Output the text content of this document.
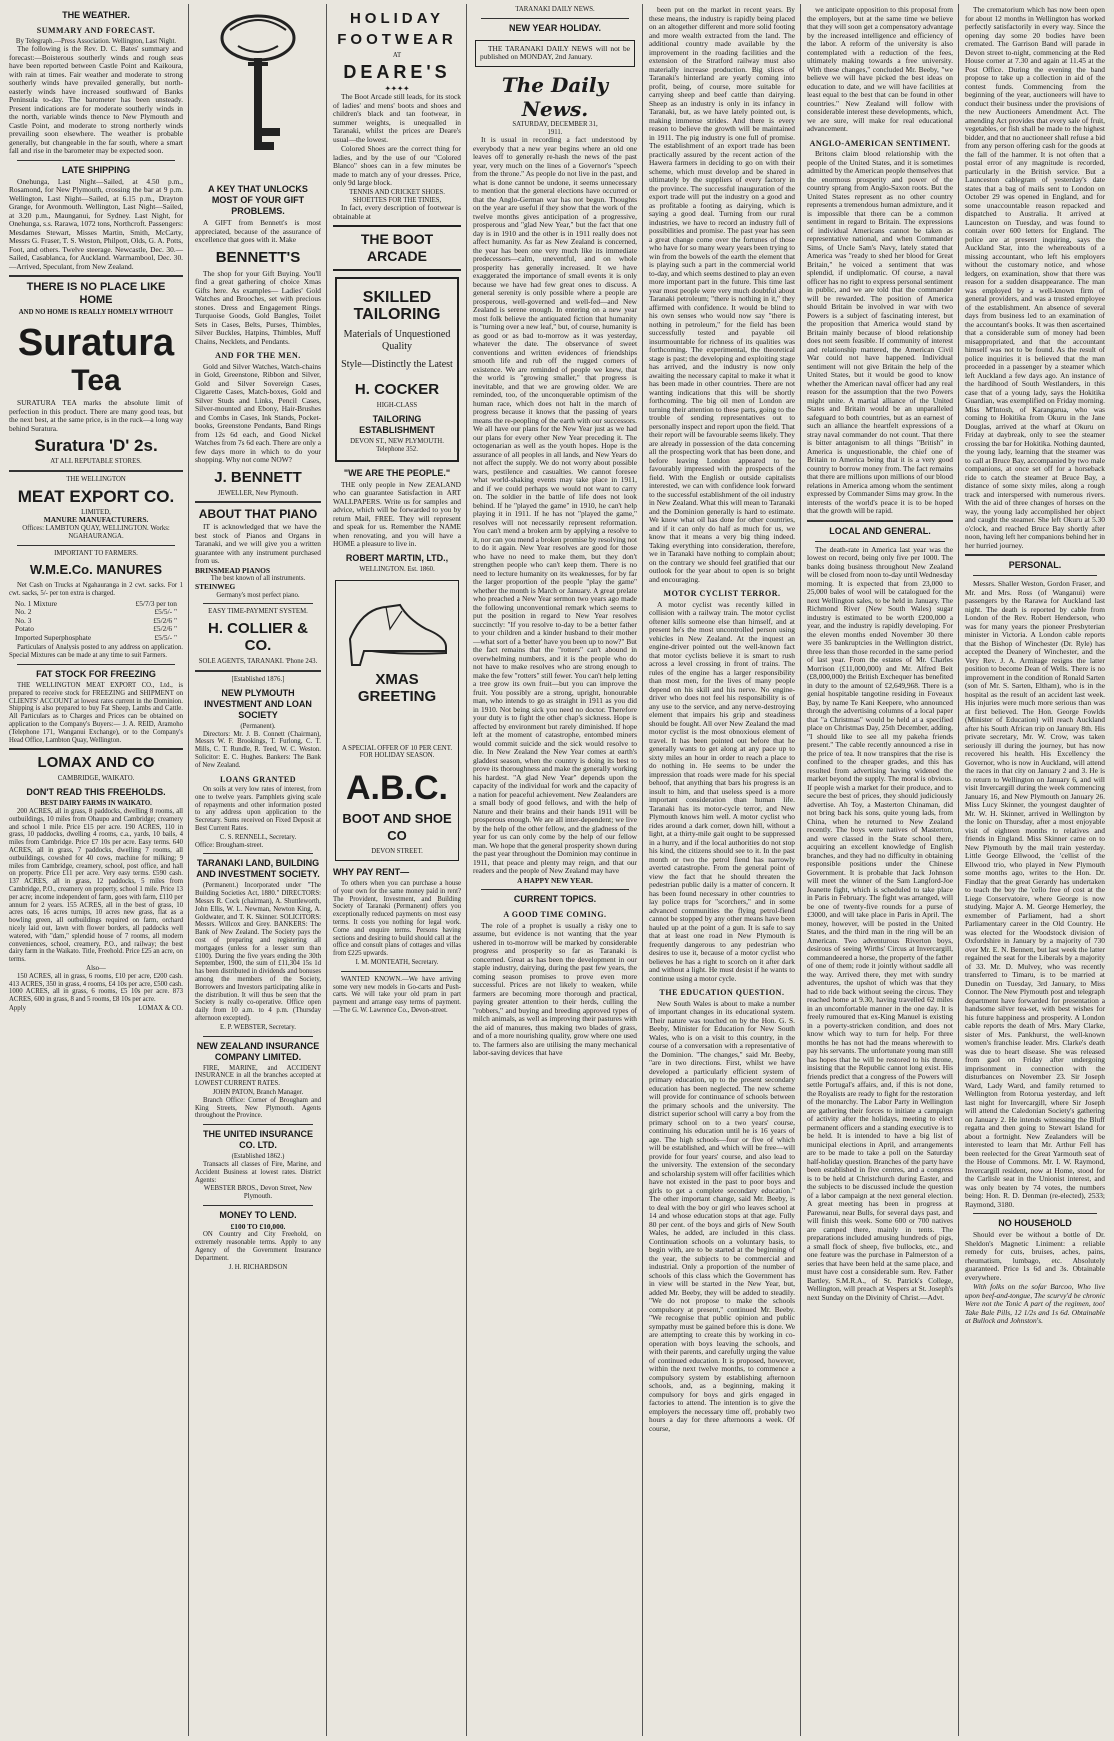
THE WEATHER.
SUMMARY AND FORECAST.
By Telegraph.—Press Association. Wellington, Last Night.
The following is the Rev. D. C. Bates' summary and forecast:—Boisterous southerly winds and rough seas have been reported between Castle Point and Kaikoura, with rain at times. Fair weather and moderate to strong southerly winds have prevailed generally, but north-easterly winds have increased southward of Banks Peninsula to-day. The barometer has been unsteady. Present indications are for moderate southerly winds in the north, variable winds thence to New Plymouth and Castle Point, and moderate to strong northerly winds prevailing soon elsewhere. The weather is probable generally, but changeable in the far south, where a smart fall and rise in the barometer may be expected soon.
LATE SHIPPING
Onehunga, Last Night—Sailed, at 4.50 p.m., Rosamond, for New Plymouth, crossing the bar at 9 p.m. Wellington, Last Night—Sailed, at 6.15 p.m., Drayton Grange, for Avonmouth. Wellington, Last Night—Sailed, at 3.20 p.m., Maunganui, for Sydney. Last Night, for Onehunga, s.s. Rarawa, 1072 tons, Northcroft. Passengers: Mesdames Stewart, Misses Martin, Smith, McCarty, Messrs G. Fraser, T. S. Weston, Philpott, Olds, G. A. Potts, Foot, and others. Twelve steerage. Newcastle, Dec. 30.—Sailed, Casablanca, for Auckland. Warrnambool, Dec. 30.—Arrived, Speculant, from New Zealand.
THERE IS NO PLACE LIKE HOME
AND NO HOME IS REALLY HOMELY WITHOUT
Suratura
Tea
SURATURA TEA marks the absolute limit of perfection in this product. There are many good teas, but the next best, at the same price, is in the ruck—a long way behind Suratura.
Suratura 'D' 2s.
AT ALL REPUTABLE STORES.
THE WELLINGTON
MEAT EXPORT CO.
LIMITED,
MANURE MANUFACTURERS.
Offices: LAMBTON QUAY, WELLINGTON. Works: NGAHAURANGA.
IMPORTANT TO FARMERS.
W.M.E.Co. MANURES
Net Cash on Trucks at Ngahauranga in 2 cwt. sacks. For 1 cwt. sacks, 5/- per ton extra is charged.
No. 1 Mixture	£5/7/3 per ton
No. 2	£5/5/- "
No. 3	£5/2/6 "
Potato	£5/2/6 "
Imported Superphosphate	£5/5/- "
Particulars of Analysis posted to any address on application. Special Mixtures can be made at any time to suit Farmers.
FAT STOCK FOR FREEZING
THE WELLINGTON MEAT EXPORT CO., Ltd., is prepared to receive stock for FREEZING and SHIPMENT on CLIENTS' ACCOUNT at lowest rates current in the Dominion. Shipping is also prepared to buy Fat Sheep, Lambs and Cattle. All Particulars as to Charges and Prices can be obtained on application to the Company's Buyers:— J. A. REID, Aramoho (Telephone 171, Wanganui Exchange), or to the Company's Head Office, Lambton Quay, Wellington.
LOMAX AND CO
CAMBRIDGE, WAIKATO.
DON'T READ THIS FREEHOLDS.
BEST DAIRY FARMS IN WAIKATO.
200 ACRES, all in grass, 8 paddocks, dwelling 8 rooms, all outbuildings, 10 miles from Ohaupo and Cambridge; creamery and school 1 mile. Price £15 per acre. 190 ACRES, 110 in grass, 10 paddocks, dwelling 4 rooms, c.a., yards, 10 bails, 4 miles from Cambridge. Price £7 10s per acre. Easy terms. 640 ACRES, all in grass, 7 paddocks, dwelling 7 rooms, all outbuildings, cowshed for 40 cows, machine for milking; 9 miles from Cambridge, creamery, school, post office, and hall on property. Price £11 per acre. Very easy terms. £590 cash. 137 ACRES, all in grass, 12 paddocks, 5 miles from Cambridge, P.O., creamery on property, school 1 mile. Price 13 per acre; income independent of farm, goes with farm, £110 per annum for 2 years. 155 ACRES, all in the best of grass, 10 acres oats, 16 acres turnips, 10 acres new grass, flat as a bowling green, all outbuildings required on farm, orchard nicely laid out, lawn with flower borders, all paddocks well watered, with "dam," splendid house of 7 rooms, all modern conveniences, school, creamery, P.O., and railway; the best dairy farm in the Waikato. Title, Freehold. Price £25 an acre, on terms.
Also—
150 ACRES, all in grass, 6 rooms, £10 per acre, £200 cash. 413 ACRES, 350 in grass, 4 rooms, £4 10s per acre, £500 cash. 1000 ACRES, all in grass, 6 rooms, £5 10s per acre. 873 ACRES, 600 in grass, 8 and 5 rooms, £8 10s per acre.
Apply	LOMAX & CO.
A KEY THAT UNLOCKS MOST OF YOUR GIFT PROBLEMS.
A GIFT from Bennett's is most appreciated, because of the assurance of excellence that goes with it. Make
BENNETT'S
The shop for your Gift Buying. You'll find a great gathering of choice Xmas Gifts here. As examples— Ladies' Gold Watches and Brooches, set with precious stones. Dress and Engagement Rings. Turquoise Goods, Gold Bangles, Toilet Sets in Cases, Belts, Purses, Thimbles, Silver Buckles, Hatpins, Thimbles, Muff Chains, Necklets, and Pendants.
AND FOR THE MEN.
Gold and Silver Watches, Watch-chains in Gold, Greenstone, Ribbon and Silver, Gold and Silver Sovereign Cases, Cigarette Cases, Match-boxes, Gold and Silver Studs and Links, Pencil Cases, Silver-mounted and Ebony, Hair-Brushes and Combs in Cases, Ink Stands, Pocket-books, Greenstone Pendants, Band Rings from 12s 6d each, and Good Nickel Watches from 7s 6d each. There are only a few days more in which to do your shopping. Why not come NOW?
J. BENNETT
JEWELLER, New Plymouth.
ABOUT THAT PIANO
IT is acknowledged that we have the best stock of Pianos and Organs in Taranaki, and we will give you a written guarantee with any instrument purchased from us.
BRINSMEAD PIANOS
The best known of all instruments.
STEINWEG
Germany's most perfect piano.
EASY TIME-PAYMENT SYSTEM.
H. COLLIER & CO.
SOLE AGENTS, TARANAKI. 'Phone 243.
[Established 1876.]
NEW PLYMOUTH INVESTMENT AND LOAN SOCIETY
(Permanent).
Directors: Mr. J. B. Connett (Chairman), Messrs W. F. Brookings, T. Furlong, C. T. Mills, C. T. Rundle, R. Teed, W. C. Weston. Solicitor: E. C. Hughes. Bankers: The Bank of New Zealand.
LOANS GRANTED
On soils at very low rates of interest, from one to twelve years. Pamphlets giving scale of repayments and other information posted to any address upon application to the Secretary. Sums received on Fixed Deposit at Best Current Rates.
C. S. RENNELL, Secretary.
Office: Brougham-street.
TARANAKI LAND, BUILDING AND INVESTMENT SOCIETY.
(Permanent.) Incorporated under "The Building Societies Act, 1880." DIRECTORS: Messrs R. Cock (chairman), A. Shuttleworth, John Ellis, W. L. Newman, Newton King, A. Goldwater, and T. K. Skinner. SOLICITORS: Messrs. Willcox and Grey. BANKERS: The Bank of New Zealand. The Society pays the cost of preparing and registering all mortgages (unless for a lesser sum than £100). During the five years ending the 30th September, 1900, the sum of £11,304 15s 1d has been distributed in dividends and bonuses among the members of the Society, Borrowers and Investors participating alike in the distribution. It will thus be seen that the Society is really co-operative. Office open daily from 10 a.m. to 4 p.m. (Thursday afternoon excepted).
E. P. WEBSTER, Secretary.
NEW ZEALAND INSURANCE COMPANY LIMITED.
FIRE, MARINE, and ACCIDENT INSURANCE in all the branches accepted at LOWEST CURRENT RATES.
JOHN PATON, Branch Manager.
Branch Office: Corner of Brougham and King Streets, New Plymouth. Agents throughout the Province.
THE UNITED INSURANCE CO. LTD.
(Established 1862.)
Transacts all classes of Fire, Marine, and Accident Business at lowest rates. District Agents:
WEBSTER BROS., Devon Street, New Plymouth.
MONEY TO LEND.
£100 TO £10,000.
ON Country and City Freehold, on extremely reasonable terms. Apply to any Agency of the Government Insurance Department.
J. H. RICHARDSON
HOLIDAY
FOOTWEAR
AT
DEARE'S
✦✦✦✦
The Boot Arcade still leads, for its stock of ladies' and mens' boots and shoes and children's black and tan footwear, in summer weights, is unequalled in Taranaki, whilst the prices are Deare's usual—the lowest.
Colored Shoes are the correct thing for ladies, and by the use of our "Colored Blanco" shoes can in a few minutes be made to match any of your dresses. Price, only 9d large block.
TENNIS AND CRICKET SHOES.
SHOETTES FOR THE TINIES,
In fact, every description of footwear is obtainable at
THE BOOT ARCADE
SKILLED TAILORING
Materials of Unquestioned Quality
Style—Distinctly the Latest
H. COCKER
HIGH-CLASS
TAILORING ESTABLISHMENT
DEVON ST., NEW PLYMOUTH.
Telephone 352.
"WE ARE THE PEOPLE."
THE only people in New ZEALAND who can guarantee Satisfaction in ART WALLPAPERS. Write us for samples and advice, which will be forwarded to you by return Mail, FREE. They will represent and speak for us. Remember the NAME when renovating, and you will have a HOME a pleasure to live in.
ROBERT MARTIN, LTD.,
WELLINGTON. Est. 1860.
XMAS GREETING
A SPECIAL OFFER OF 10 PER CENT. FOR HOLIDAY SEASON.
A.B.C.
BOOT AND SHOE CO
DEVON STREET.
WHY PAY RENT—
To others when you can purchase a house of your own for the same money paid in rent? The Provident, Investment, and Building Society of Taranaki (Permanent) offers you exceptionally reduced payments on most easy terms. It costs you nothing for legal work. Come and enquire terms. Persons having sections and desiring to build should call at the office and consult plans of cottages and villas from £225 upwards.
I. M. MONTEATH, Secretary.
WANTED KNOWN.—We have arriving some very new models in Go-carts and Push-carts. We will take your old pram in part payment and arrange easy terms of payment.—The G. W. Lawrence Co., Devon-street.
TARANAKI DAILY NEWS.
NEW YEAR HOLIDAY.
THE TARANAKI DAILY NEWS will not be published on MONDAY, 2nd January.
The Daily News.
SATURDAY, DECEMBER 31,
1911.
It is usual in recording a fact understood by everybody that a new year begins where an old one leaves off to generally re-hash the news of the past year, very much on the lines of a Governor's "speech from the throne." As people do not live in the past, and what is done cannot be undone, it seems unnecessary to mention that the general elections have occurred or that the Anglo-German war has not begun. Thoughts on the year are useful if they show that the work of the twelve months gives anticipation of a progressive, prosperous and "glad New Year," but the fact that one day is in 1910 and the other is in 1911 really does not affect humanity. As far as New Zealand is concerned, the year has been one very much like its immediate predecessors—calm, uneventful, and on whole prosperity has generally increased. It we have exaggerated the importance of small events it is only because we have had few great ones to discuss. A general serenity is only possible where a people are prosperous, well-governed and well-fed—and New Zealand is serene enough. In entering on a new year most folk believe the antiquated fiction that humanity is "turning over a new leaf," but, of course, humanity is as good or as bad to-morrow as it was yesterday, whatever the date. The observance of sweet conventions and written evidences of friendships smooth life and rub off the rugged corners of existence. We are reminded of people we knew, that the world is "growing smaller," that progress is inevitable, and that we are growing older. We are reminded, too, of the unconquerable optimism of the human race, which does not halt in the march of progress because it knows that the passing of years means the re-peopling of the earth with our successors. We all have our plans for the New Year just as we had our plans for every other New Year preceding it. The octogenarian as well as the youth hopes. Hope is the assurance of all peoples in all lands, and New Years do not affect the supply. We do not worry about possible wars, pestilence and casualties. We cannot foresee what world-shaking events may take place in 1911, and if we could perhaps we would not want to carry on. The soldier in the battle of life does not look behind. If he "played the game" in 1910, he can't help playing it in 1911. If he has not "played the game," resolves will not necessarily represent reformation. You can't mend a broken arm by applying a resolve to it, nor can you mend a broken promise by resolving not to do it again. New Year resolves are good for those who have no need to make them, but they don't strengthen people who can't keep them. There is no need to lecture humanity on its weaknesses, for by far the larger proportion of the people "play the game" whether the month is March or January. A great prelate who preached a New Year sermon two years ago made the following unconventional remark which seems to put the position in regard to New Year resolves succinctly: "If you resolve to-day to be a better father to your children and a kinder husband to their mother—what sort of a 'better' have you been up to now?" But the fact remains that the "rotters" can't abound in overwhelming numbers, and it is the people who do not have to make resolves who are strong enough to make the few "rotters" still fewer. You can't help letting a tree grow its own fruit—but you can improve the fruit. You possibly are a strong, upright, honourable man, who intends to go as straight in 1911 as you did in 1910. Not being sick you need no doctor. Therefore your duty is to fight the other chap's sickness. Hope is affected by environment but rarely diminished. If hope left at the moment of catastrophe, entombed miners would commit suicide and the sick would resolve to die. In New Zealand the New Year comes at earth's gladdest season, when the country is doing its best to prove its thoroughness and make the generally working his hardest. "A glad New Year" depends upon the capacity of the individual for work and the capacity of a nation for peaceful achievement. New Zealanders are a small body of good fellows, and with the help of Nature and their brains and their hands 1911 will be prosperous enough. We are all inter-dependent; we live by the help of the other fellow, and the gladness of the year for us can only come by the help of our fellow man. We hope that the general prosperity shown during the past year throughout the Dominion may continue in 1911, that peace and plenty may reign, and that our readers and the people of New Zealand may have
A HAPPY NEW YEAR.
CURRENT TOPICS.
A GOOD TIME COMING.
The role of a prophet is usually a risky one to assume, but evidence is not wanting that the year ushered in to-morrow will be marked by considerable progress and prosperity so far as Taranaki is concerned. Great as has been the development in our staple industry, dairying, during the past few years, the coming season promises to prove even more successful. Prices are not likely to weaken, while farmers are becoming more thorough and practical, paying greater attention to their herds, culling the "robbers," and buying and breeding approved types of milch animals, as well as improving their pastures with the aid of manures, thus making two blades of grass, and of a more nourishing quality, grow where one used to. The farmers also are utilising the many mechanical labor-saving devices that have
been put on the market in recent years. By these means, the industry is rapidly being placed on an altogether different and more solid footing and more wealth extracted from the land. The additional country made available by the improvement in the roading facilities and the extension of the Stratford railway must also materially increase production. Big slices of Taranaki's hinterland are yearly coming into profit, being, of course, more suitable for carrying sheep and beef cattle than dairying. Sheep as an industry is only in its infancy in Taranaki, but, as we have lately pointed out, is making immense strides. And there is every reason to believe the growth will be maintained in 1911. The pig industry is one full of promise. The establishment of an export trade has been practically assured by the recent action of the Hawera farmers in deciding to go on with their scheme, which must develop and be shared in ultimately by the suppliers of every factory in the province. The successful inauguration of the export trade will put the industry on a good and as profitable a footing as dairying, which is saying a good deal. Turning from our rural industries, we have to record an industry full of possibilities and promise. The past year has seen a great change come over the fortunes of those who have for so many weary years been trying to win from the bowels of the earth the element that is playing such a part in the commercial world to-day, and which seems destined to play an even more important part in the future. This time last year most people were very much doubtful about Taranaki petroleum; "there is nothing in it," they affirmed with confidence. It would be blind to his own senses who would now say "there is nothing in petroleum," for the field has been successfully tested and payable oil insurmountable for richness of its qualities was forthcoming. The experimental, the theoretical stage is past; the developing and exploiting stage has arrived, and the industry is now only awaiting the necessary capital to make it what it has been made in other countries. There are not wanting indications that this will be shortly forthcoming. The big oil men of London are turning their attention to these parts, going to the trouble of sending representatives out to personally inspect and report upon the field. That their report will be favourable seems likely. They are already in possession of the data concerning all the prospecting work that has been done, and before leaving London appeared to be favourably impressed with the prospects of the field. With the English or outside capitalists interested, we can with confidence look forward to the successful establishment of the oil industry in New Zealand. What this will mean to Taranaki and the Dominion generally is hard to estimate. We know what oil has done for other countries, and if it can only do half as much for us, we know that it means a very big thing indeed. Taking everything into consideration, therefore, we in Taranaki have nothing to complain about; on the contrary we should feel gratified that our outlook for the year about to open is so bright and encouraging.
MOTOR CYCLIST TERROR.
A motor cyclist was recently killed in collision with a railway train. The motor cyclist oftener kills someone else than himself, and at present he's the most uncontrolled person using vehicles in New Zealand. At the inquest an engine-driver pointed out the well-known fact that motor cyclists believe it is smart to rush across a level crossing in front of trains. The rules of the engine has a larger responsibility than most men, for the lives of many people depend on his skill and his nerve. No engine-driver who does not feel his responsibility is of any use to the service, and any nerve-destroying element that impairs his grip and steadiness should be fought. All over New Zealand the mad motor cyclist is the most obnoxious element of travel. It has been pointed out before that he generally wants to get along at any pace up to sixty miles an hour in order to reach a place to do nothing in. He seems to be under the impression that roads were made for his special behoof, that anything that bars his progress is an insult to him, and that useless speed is a more important consideration than human life. Taranaki has its motor-cycle terror, and New Plymouth knows him well. A motor cyclist who rides around a dark corner, down hill, without a light, at a thirty-mile gait ought to be suppressed in a hurry, and if the local authorities do not stop his kind, the citizens should see to it. In the past month or two the petrol fiend has narrowly averted catastrophe. From the general point of view the fact that he should threaten the pedestrian public daily is a matter of concern. It has been found necessary in other countries to lay police traps for "scorchers," and in some advanced communities the flying petrol-fiend cannot be stopped by any other means have been hauled up at the point of a gun. It is safe to say that at least one road in New Plymouth is frequently dangerous to any pedestrian who desires to use it, because of a motor cyclist who believes he has a right to scorch on it after dark and without a light. He must desist if he wants to continue using a motor cycle.
THE EDUCATION QUESTION.
New South Wales is about to make a number of important changes in its educational system. Their nature was touched on by the Hon. G. S. Beeby, Minister for Education for New South Wales, who is on a visit to this country, in the course of a conversation with a representative of the Dominion. "The changes," said Mr. Beeby, "are in two directions. First, whilst we have developed a particularly efficient system of primary education, up to the present secondary education has been neglected. The new scheme will provide for continuance of schools between the primary schools and the university. The district superior school will carry a boy from the primary school on to a two years' course, continuing his education until he is 16 years of age. The high schools—four or five of which will be established, and which will be free—will provide for four years' course, and also lead to the university. The extension of the secondary and scholarship system will offer facilities which have not existed in the past to poor boys and girls to get a complete secondary education." The other important change, said Mr. Beeby, is to deal with the boy or girl who leaves school at 14 and whose education stops at that age. Fully 80 per cent. of the boys and girls of New South Wales, he added, are included in this class. Continuation schools on a voluntary basis, to begin with, are to be started at the beginning of the year, the subjects to be commercial and industrial. Only a proportion of the number of schools of this class which the Government has in view will be started in the New Year, but, added Mr. Beeby, they will be added to steadily. "We do not propose to make the schools compulsory at present," continued Mr. Beeby. "We recognise that public opinion and public sympathy must be gained before this is done. We are attempting to create this by working in co-operation with boys leaving the schools, and with their parents, and carefully urging the value of continued education. It is proposed, however, within the next twelve months, to commence a compulsory system by establishing afternoon schools, and, as a beginning, making it compulsory for boys and girls engaged in factories to attend. The intention is to give the employers the necessary time off, probably two hours a day for three afternoons a week. Of course,
we anticipate opposition to this proposal from the employers, but at the same time we believe that they will soon get a compensatory advantage by the increased intelligence and efficiency of the labor. A reform of the university is also contemplated with a reduction of the fees, ultimately making towards a free university. With these changes," concluded Mr. Beeby, "we believe we will have picked the best ideas on education to date, and we will have facilities at least equal to the best that can be found in other countries." New Zealand will follow with considerable interest these developments, which, we are sure, will make for real educational advancement.
ANGLO-AMERICAN SENTIMENT.
Britons claim blood relationship with the people of the United States, and it is sometimes admitted by the American people themselves that the enormous prosperity and power of the country sprang from Anglo-Saxon roots. But the United States represent as no other country represents a tremendous human admixture, and it is impossible that there can be a common sentiment in regard to Britain. The expressions of individual Americans cannot be taken as representative national, and when Commander Sims, of Uncle Sam's Navy, lately stated that America was "ready to shed her blood for Great Britain," he voiced a sentiment that was splendid, if undiplomatic. Of course, a naval officer has no right to express personal sentiment in public, and we are told that the commander will be rewarded. The position of America should Britain be involved in war with two Powers is a subject of fascinating interest, but the proposition that America would stand by Britain mainly because of blood relationship does not seem feasible. If community of interest and relationship mattered, the American Civil War could not have happened. Individual sentiment will not give Britain the help of the United States, but it would be good to know whether the American naval officer had any real reason for the assumption that the two Powers might unite. A martial alliance of the United States and Britain would be an unparalleled safeguard to both countries, but as an earnest of such an alliance the heartfelt expressions of a stray naval commander do not count. That there is bitter antagonism to all things "British" in America is unquestionable, the chief one of Britain to America being that it is a very good country to borrow money from. The fact remains that there are millions upon millions of our blood relations in America among whom the sentiment expressed by Commander Sims may grow. In the interests of the world's peace it is to be hoped that the growth will be rapid.
LOCAL AND GENERAL.
The death-rate in America last year was the lowest on record, being only five per 1000. The banks doing business throughout New Zealand will be closed from noon to-day until Wednesday morning. It is expected that from 23,000 to 25,000 bales of wool will be catalogued for the next Wellington sales, to be held in January. The Richmond River (New South Wales) sugar industry is estimated to be worth £200,000 a year, and the industry is rapidly developing. For the eleven months ended November 30 there were 35 bankruptcies in the Wellington district, three less than those recorded in the same period of last year. From the estates of Mr. Charles Morrison (£11,000,000) and Mr. Alfred Beit (£8,000,000) the British Exchequer has benefited in duty to the amount of £2,649,968. There is a genial hospitable tangotine residing in Foveaux Bay, by name Te Kani Keepere, who announced through the advertising columns of a local paper that "a Christmas" would be held at a specified place on Christmas Day, 25th December, adding, "I should like to see all my pakeha friends present." The cable recently announced a rise in the price of tea. It now transpires that the rise is confined to the cheaper grades, and this has resulted from advertising having widened the market beyond the supply. The moral is obvious. If people wish a market for their produce, and to secure the best of prices, they should judiciously advertise. Ah Toy, a Masterton Chinaman, did not bring back his sons, quite young lads, from China, when he returned to New Zealand recently. The boys were natives of Masterton, and were classed in the State school there, acquiring an excellent knowledge of English branches, and they had no difficulty in obtaining responsible positions under the Chinese Government. It is probable that Jack Johnson will meet the winner of the Sam Langford-Joe Jeanette fight, which is scheduled to take place in Paris in February. The fight was arranged, will be one of twenty-five rounds for a purse of £3000, and will take place in Paris in April. The money, however, will be posted in the United States, and the third man in the ring will be an American. Two adventurous Riverton boys, desirous of seeing Wirths' Circus at Invercargill, commandeered a horse, the property of the father of one of them; rode it jointly without saddle all the way. Arrived there, they met with sundry adventures, the upshot of which was that they had to ride back without seeing the circus. They reached home at 9.30, having travelled 62 miles in an uncomfortable manner in the one day. It is freely rumoured that ex-King Manuel is existing in a poverty-stricken condition, and does not know which way to turn for help. For three months he has not had the means wherewith to pay his servants. The unfortunate young man still has hopes that he will be restored to his throne, insisting that the Republic cannot long exist. His friends predict that a congress of the Powers will settle Portugal's affairs, and, if this is not done, the Royalists are ready to fight for the restoration of the monarchy. The Labor Party in Wellington are gathering their forces to initiate a campaign of activity after the holidays, meeting to elect permanent officers and a standing executive is to be held. It is intended to have a big list of municipal elections in April, and arrangements are to be made to take a poll on the Saturday half-holiday question. Branches of the party have been established in five centres, and a congress is to be held at Christchurch during Easter, and the subjects to be discussed include the question of a labor campaign at the next general election. A great meeting has been in progress at Parewanui, near Bulls, for several days past, and will finish this week. Some 600 or 700 natives are camped there, mainly in tents. The preparations included amusing hundreds of pigs, a small flock of sheep, five bullocks, etc., and one feature was the purchase in Palmerston of a series that have been held at the same place, and must have cost a considerable sum. Rev. Father Bartley, S.M.R.A., of St. Patrick's College, Wellington, will preach at Vespers at St. Joseph's next Sunday on the Divinity of Christ.—Advt.
The crematorium which has now been open for about 12 months in Wellington has worked perfectly satisfactorily in every way. Since the opening day some 20 bodies have been cremated. The Garrison Band will parade in Devon street to-night, commencing at the Red House corner at 7.30 and again at 11.45 at the Post Office. During the evening the band propose to take up a collection in aid of the contest funds. Commencing from the beginning of the year, auctioneers will have to conduct their business under the provisions of the new Auctioneers Amendment Act. The amending Act provides that every sale of fruit, vegetables, or fish shall be made to the highest bidder, and that no auctioneer shall refuse a bid from any person offering cash for the goods at the fall of the hammer. It is not often that a postal error of any magnitude is recorded, particularly in the British service. But a Launceston cablegram of yesterday's date states that a bag of mails sent to London on October 29 was opened in England, and for some unaccountable reason repacked and dispatched to Australia. It arrived at Launceston on Tuesday, and was found to contain over 600 letters for England. The police are at present inquiring, says the Auckland Star, into the whereabouts of a missing accountant, who left his employers without the customary notice, and whose ledgers, on examination, show that there was reason for a sudden disappearance. The man was employed by a well-known firm of general providers, and was a trusted employee of the establishment. An absence of several days from business led to an examination of the accountant's books. It was then ascertained that a considerable sum of money had been misappropriated, and that the accountant himself was not to be found. As the result of police inquiries it is believed that the man proceeded in a passenger by a steamer which left Auckland a few days ago. An instance of the hardihood of South Westlanders, in this case that of a young lady, says the Hokitika Guardian, was exemplified on Friday morning. Miss M'Intosh, of Karangarua, who was coming to Hokitika from Okuru in the Jane Douglas, arrived at the wharf at Okuru on Friday at daybreak, only to see the steamer crossing the bar for Hokitika. Nothing daunted, the young lady, learning that the steamer was to call at Bruce Bay, accompanied by two male companions, at once set off for a horseback ride to catch the steamer at Bruce Bay, a distance of some sixty miles, along a rough track and interspersed with numerous rivers. With the aid of three changes of horses on the way, the young lady accomplished her object and caught the steamer. She left Okuru at 5.30 o'clock, and reached Bruce Bay shortly after noon, having left her companions behind her in her hurried journey.
PERSONAL.
Messrs. Shaller Weston, Gordon Fraser, and Mr. and Mrs. Ross (of Wanganui) were passengers by the Rarawa for Auckland last night. The death is reported by cable from London of the Rev. Robert Henderson, who was for many years the pioneer Presbyterian minister in Victoria. A London cable reports that the Bishop of Winchester (Dr. Ryle) has accepted the Deanery of Winchester, and the Very Rev. J. A. Armitage resigns the latter position to become Dean of Wells. There is no improvement in the condition of Ronald Sarten (son of Mr. S. Sarten, Eltham), who is in the hospital as the result of an accident last week. His injuries were much more serious than was at first believed. The Hon. George Fowlds (Minister of Education) will reach Auckland after his South African trip on January 8th. His private secretary, Mr. W. Crow, was taken seriously ill during the journey, but has now recovered his health. His Excellency the Governor, who is now in Auckland, will attend the races in that city on January 2 and 3. He is to return to Wellington on January 6, and will visit Invercargill during the week commencing January 16, and New Plymouth on January 26. Miss Lucy Skinner, the youngest daughter of Mr. W. H. Skinner, arrived in Wellington by the Ionic on Thursday, after a most enjoyable visit of eighteen months to relatives and friends in England. Miss Skinner came on to New Plymouth by the mail train yesterday. Little George Ellwood, the 'cellist of the Ellwood trio, who played in New Plymouth some months ago, writes to the Hon. Dr. Findlay that the great Gerardy has undertaken to teach the boy the 'cello free of cost at the Liege Conservatoire, where George is now studying. Major A. M. George Hemerley, the exmember of Parliament, had a short Parliamentary career in the Old Country. He was elected for the Woodstock division of Oxfordshire in January by a majority of 730 over Mr. E. N. Bennett, but last week the latter regained the seat for the Liberals by a majority of 33. Mr. D. Mulvey, who was recently transferred to Timaru, is to be married at Dunedin on Tuesday, 3rd January, to Miss Connor. The New Plymouth post and telegraph department have forwarded for presentation a handsome silver tea-set, with best wishes for his future happiness and prosperity. A London cable reports the death of Mrs. Mary Clarke, sister of Mrs. Pankhurst, the well-known women's franchise leader. Mrs. Clarke's death was due to heart disease. She was released from gaol on Friday after undergoing imprisonment in connection with the disturbances on November 23. Sir Joseph Ward, Lady Ward, and family returned to Wellington from Rotorua yesterday, and left last night for Invercargill, where Sir Joseph will attend the Caledonian Society's gathering on January 2. He intends witnessing the Bluff regatta and then going to Stewart Island for about a fortnight. New Zealanders will be interested to learn that Mr. Arthur Fell has been reelected for the Great Yarmouth seat of the House of Commons. Mr. I. W. Raymond, Invercargill resident, now at Home, stood for the Carlisle seat in the Unionist interest, and was only beaten by 74 votes, the numbers being: Hon. R. D. Denman (re-elected), 2533; Raymond, 3180.
NO HOUSEHOLD
Should ever be without a bottle of Dr. Sheldon's Magnetic Liniment: a reliable remedy for cuts, bruises, aches, pains, rheumatism, lumbago, etc. Absolutely guaranteed. Price 1s 6d and 3s. Obtainable everywhere.
With folks on the sofar Barcoo, Who live upon beef-and-tongue, The scurvy'd be chronic Were not the Tonic A part of the regimen, too! Take Bale Pills, 12 1/2s and 1s 6d. Obtainable at Bullock and Johnston's.
